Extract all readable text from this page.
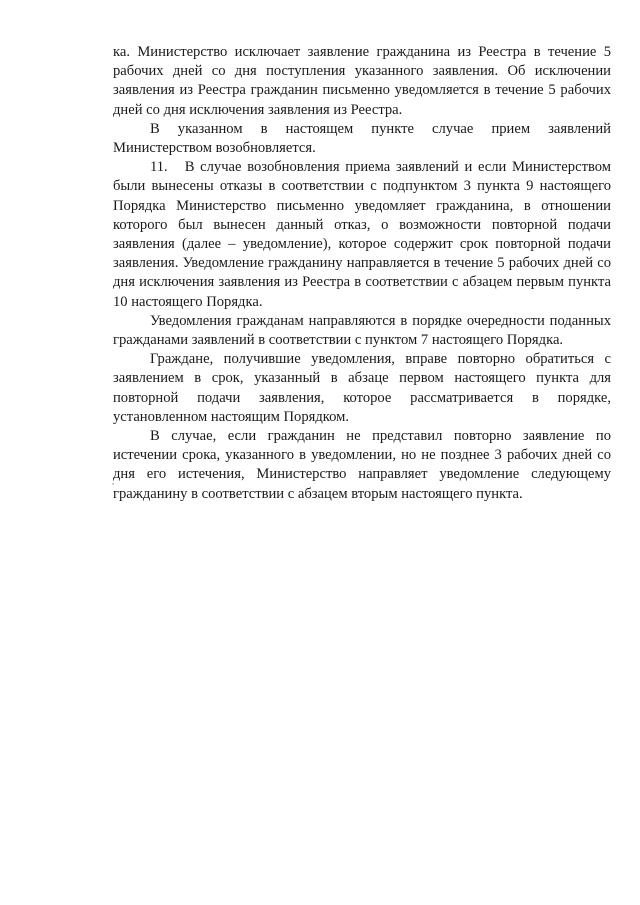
ка. Министерство исключает заявление гражданина из Реестра в течение 5 рабочих дней со дня поступления указанного заявления. Об исключении заявления из Реестра гражданин письменно уведомляется в течение 5 рабочих дней со дня исключения заявления из Реестра.

В указанном в настоящем пункте случае прием заявлений Министерством возобновляется.

11. В случае возобновления приема заявлений и если Министерством были вынесены отказы в соответствии с подпунктом 3 пункта 9 настоящего Порядка Министерство письменно уведомляет гражданина, в отношении которого был вынесен данный отказ, о возможности повторной подачи заявления (далее – уведомление), которое содержит срок повторной подачи заявления. Уведомление гражданину направляется в течение 5 рабочих дней со дня исключения заявления из Реестра в соответствии с абзацем первым пункта 10 настоящего Порядка.

Уведомления гражданам направляются в порядке очередности поданных гражданами заявлений в соответствии с пунктом 7 настоящего Порядка.

Граждане, получившие уведомления, вправе повторно обратиться с заявлением в срок, указанный в абзаце первом настоящего пункта для повторной подачи заявления, которое рассматривается в порядке, установленном настоящим Порядком.

В случае, если гражданин не представил повторно заявление по истечении срока, указанного в уведомлении, но не позднее 3 рабочих дней со дня его истечения, Министерство направляет уведомление следующему гражданину в соответствии с абзацем вторым настоящего пункта.
